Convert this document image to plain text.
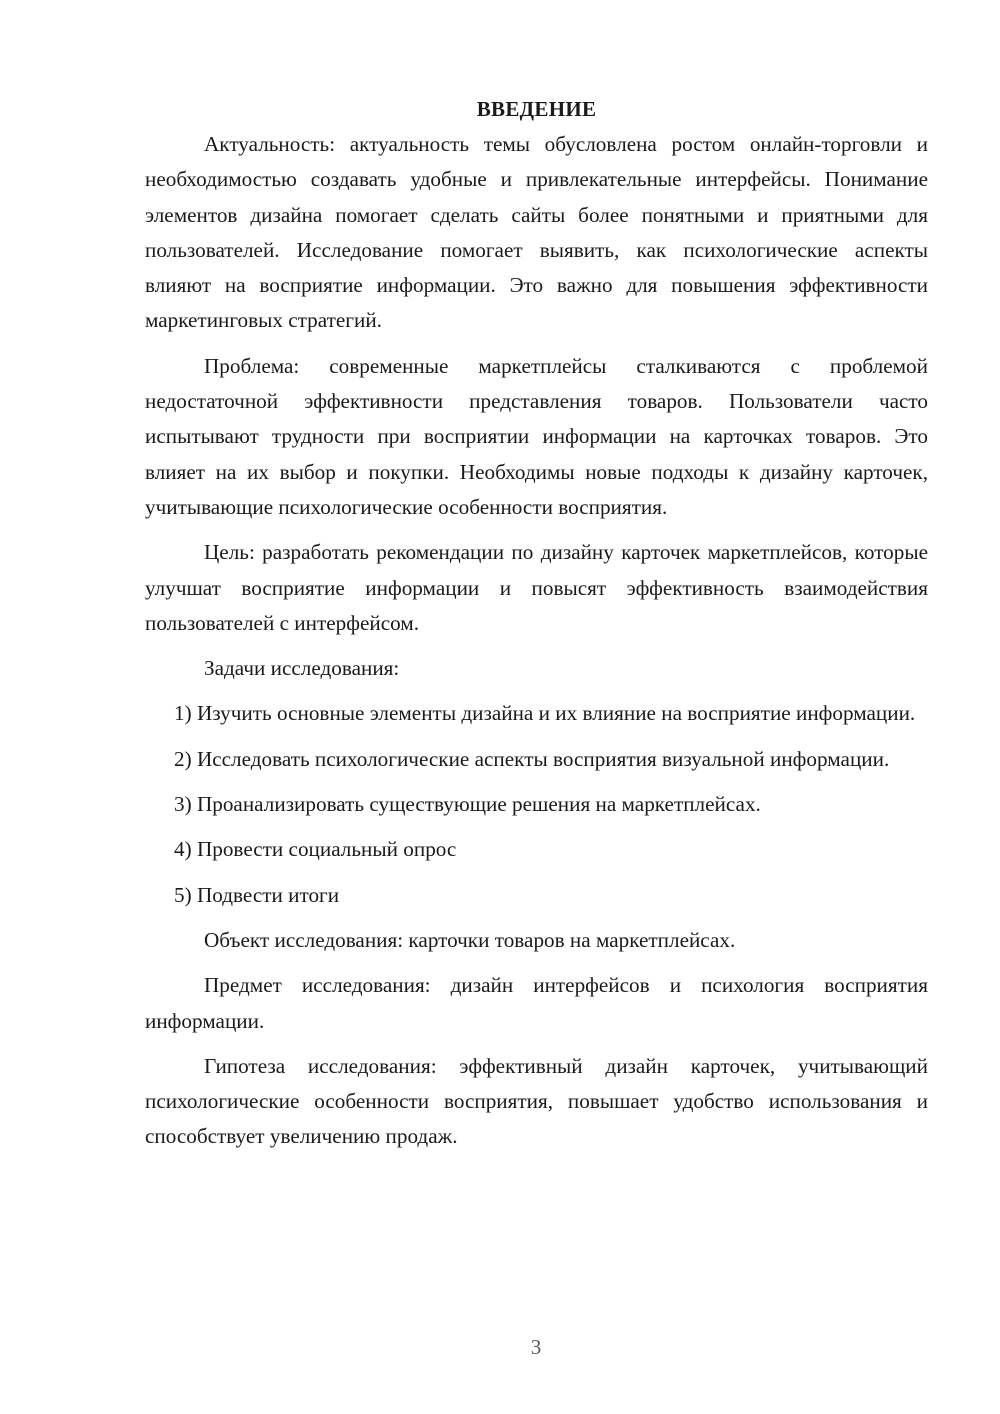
ВВЕДЕНИЕ

Актуальность: актуальность темы обусловлена ростом онлайн-торговли и необходимостью создавать удобные и привлекательные интерфейсы. Понимание элементов дизайна помогает сделать сайты более понятными и приятными для пользователей. Исследование помогает выявить, как психологические аспекты влияют на восприятие информации. Это важно для повышения эффективности маркетинговых стратегий.

Проблема: современные маркетплейсы сталкиваются с проблемой недостаточной эффективности представления товаров. Пользователи часто испытывают трудности при восприятии информации на карточках товаров. Это влияет на их выбор и покупки. Необходимы новые подходы к дизайну карточек, учитывающие психологические особенности восприятия.

Цель: разработать рекомендации по дизайну карточек маркетплейсов, которые улучшат восприятие информации и повысят эффективность взаимодействия пользователей с интерфейсом.

Задачи исследования:

1) Изучить основные элементы дизайна и их влияние на восприятие информации.

2) Исследовать психологические аспекты восприятия визуальной информации.

3) Проанализировать существующие решения на маркетплейсах.

4) Провести социальный опрос

5) Подвести итоги

Объект исследования: карточки товаров на маркетплейсах.

Предмет исследования: дизайн интерфейсов и психология восприятия информации.

Гипотеза исследования: эффективный дизайн карточек, учитывающий психологические особенности восприятия, повышает удобство использования и способствует увеличению продаж.

3
